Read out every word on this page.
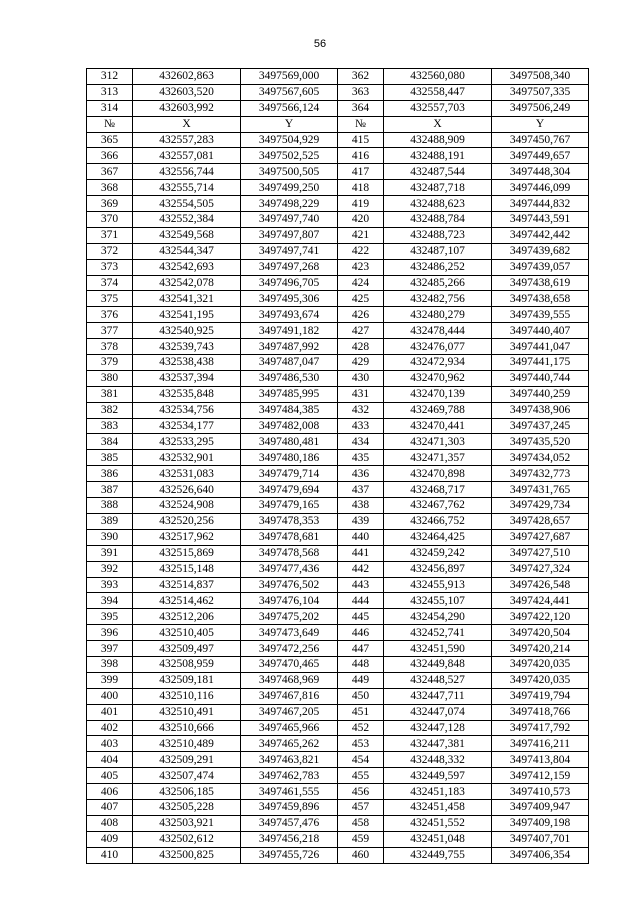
56
312	432602,863	3497569,000	362	432560,080	3497508,340
313	432603,520	3497567,605	363	432558,447	3497507,335
314	432603,992	3497566,124	364	432557,703	3497506,249
№	X	Y	№	X	Y
365	432557,283	3497504,929	415	432488,909	3497450,767
366	432557,081	3497502,525	416	432488,191	3497449,657
367	432556,744	3497500,505	417	432487,544	3497448,304
368	432555,714	3497499,250	418	432487,718	3497446,099
369	432554,505	3497498,229	419	432488,623	3497444,832
370	432552,384	3497497,740	420	432488,784	3497443,591
371	432549,568	3497497,807	421	432488,723	3497442,442
372	432544,347	3497497,741	422	432487,107	3497439,682
373	432542,693	3497497,268	423	432486,252	3497439,057
374	432542,078	3497496,705	424	432485,266	3497438,619
375	432541,321	3497495,306	425	432482,756	3497438,658
376	432541,195	3497493,674	426	432480,279	3497439,555
377	432540,925	3497491,182	427	432478,444	3497440,407
378	432539,743	3497487,992	428	432476,077	3497441,047
379	432538,438	3497487,047	429	432472,934	3497441,175
380	432537,394	3497486,530	430	432470,962	3497440,744
381	432535,848	3497485,995	431	432470,139	3497440,259
382	432534,756	3497484,385	432	432469,788	3497438,906
383	432534,177	3497482,008	433	432470,441	3497437,245
384	432533,295	3497480,481	434	432471,303	3497435,520
385	432532,901	3497480,186	435	432471,357	3497434,052
386	432531,083	3497479,714	436	432470,898	3497432,773
387	432526,640	3497479,694	437	432468,717	3497431,765
388	432524,908	3497479,165	438	432467,762	3497429,734
389	432520,256	3497478,353	439	432466,752	3497428,657
390	432517,962	3497478,681	440	432464,425	3497427,687
391	432515,869	3497478,568	441	432459,242	3497427,510
392	432515,148	3497477,436	442	432456,897	3497427,324
393	432514,837	3497476,502	443	432455,913	3497426,548
394	432514,462	3497476,104	444	432455,107	3497424,441
395	432512,206	3497475,202	445	432454,290	3497422,120
396	432510,405	3497473,649	446	432452,741	3497420,504
397	432509,497	3497472,256	447	432451,590	3497420,214
398	432508,959	3497470,465	448	432449,848	3497420,035
399	432509,181	3497468,969	449	432448,527	3497420,035
400	432510,116	3497467,816	450	432447,711	3497419,794
401	432510,491	3497467,205	451	432447,074	3497418,766
402	432510,666	3497465,966	452	432447,128	3497417,792
403	432510,489	3497465,262	453	432447,381	3497416,211
404	432509,291	3497463,821	454	432448,332	3497413,804
405	432507,474	3497462,783	455	432449,597	3497412,159
406	432506,185	3497461,555	456	432451,183	3497410,573
407	432505,228	3497459,896	457	432451,458	3497409,947
408	432503,921	3497457,476	458	432451,552	3497409,198
409	432502,612	3497456,218	459	432451,048	3497407,701
410	432500,825	3497455,726	460	432449,755	3497406,354
